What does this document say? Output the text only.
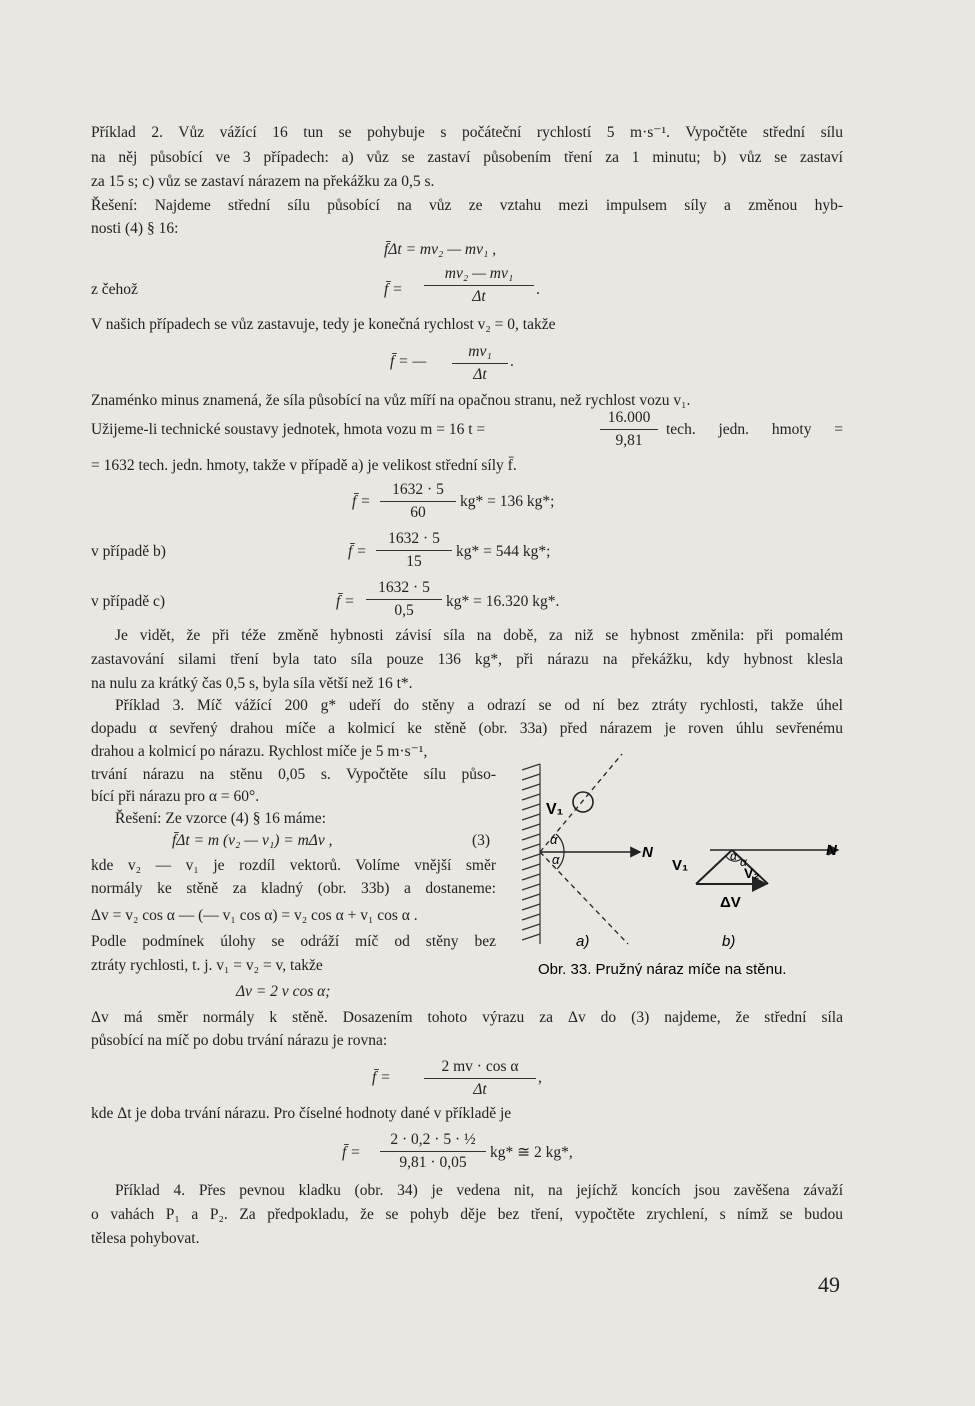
Příklad 2. Vůz vážící 16 tun se pohybuje s počáteční rychlostí 5 m·s⁻¹. Vypočtěte střední sílu
na něj působící ve 3 případech: a) vůz se zastaví působením tření za 1 minutu; b) vůz se zastaví
za 15 s; c) vůz se zastaví nárazem na překážku za 0,5 s.
Řešení: Najdeme střední sílu působící na vůz ze vztahu mezi impulsem síly a změnou hyb-
nosti (4) § 16:
f̄Δt = mv₂ — mv₁ ,
z čehož	f̄ = $\frac{\text{mv₂ — mv₁}}{\Delta t}$ .
V našich případech se vůz zastavuje, tedy je konečná rychlost v₂ = 0, takže
f̄ = — $\frac{\text{mv₁}}{\Delta t}$ .
Znaménko minus znamená, že síla působící na vůz míří na opačnou stranu, než rychlost vozu v₁.
Užijeme-li technické soustavy jednotek, hmota vozu m = 16 t =	$\frac{16.000}{9,81}$ tech. jedn. hmoty =
= 1632 tech. jedn. hmoty, takže v případě a) je velikost střední síly f̄.
f̄ = $\frac{1632 \cdot 5}{60} kg* = 136$ kg*;
v případě b)	f̄ = $\frac{1632 \cdot 5}{15} kg* = 544$ kg*;
v případě c)	f̄ = $\frac{1632 \cdot 5}{0,5} kg* = 16.320$ kg*.
Je vidět, že při téže změně hybnosti závisí síla na době, za niž se hybnost změnila: při pomalém
zastavování silami tření byla tato síla pouze 136 kg*, při nárazu na překážku, kdy hybnost klesla
na nulu za krátký čas 0,5 s, byla síla větší než 16 t*.
Příklad 3. Míč vážící 200 g* udeří do stěny a odrazí se od ní bez ztráty rychlosti, takže úhel
dopadu α sevřený drahou míče a kolmicí ke stěně (obr. 33a) před nárazem je roven úhlu sevřenému
drahou a kolmicí po nárazu. Rychlost míče je 5 m·s⁻¹,
trvání nárazu na stěnu 0,05 s. Vypočtěte sílu půso-
bící při nárazu pro α = 60°.
Řešení: Ze vzorce (4) § 16 máme:
f̄Δt = m (v₂ — v₁) = mΔv ,	(3)
kde v₂ — v₁ je rozdíl vektorů. Volíme vnější směr
normály ke stěně za kladný (obr. 33b) a dostaneme:
Δv = v₂ cos α — (— v₁ cos α) = v₂ cos α + v₁ cos α .
Podle podmínek úlohy se odráží míč od stěny bez
ztráty rychlosti, t. j. v₁ = v₂ = v, takže
Δv = 2 v cos α;
Δv má směr normály k stěně. Dosazením tohoto výrazu za Δv do (3) najdeme, že střední síla
působící na míč po dobu trvání nárazu je rovna:
f̄ = $\frac{\text{2 mv · cos α}}{\Delta t}$ ,
kde Δt je doba trvání nárazu. Pro číselné hodnoty dané v příkladě je
f̄ = $\frac{\text{2 · 0,2 · 5 · ½}}{9,81 \cdot 0,05} kg*$ ≅ 2 kg*,
V₁
α
α	N
a)
V₁
α α
V₂
N
ΔV
b)
Obr. 33. Pružný náraz míče na stěnu.
Příklad 4. Přes pevnou kladku (obr. 34) je vedena nit, na jejíchž koncích jsou zavěšena závaží
o vahách P₁ a P₂. Za předpokladu, že se pohyb děje bez tření, vypočtěte zrychlení, s nímž se budou
tělesa pohybovat.
49
